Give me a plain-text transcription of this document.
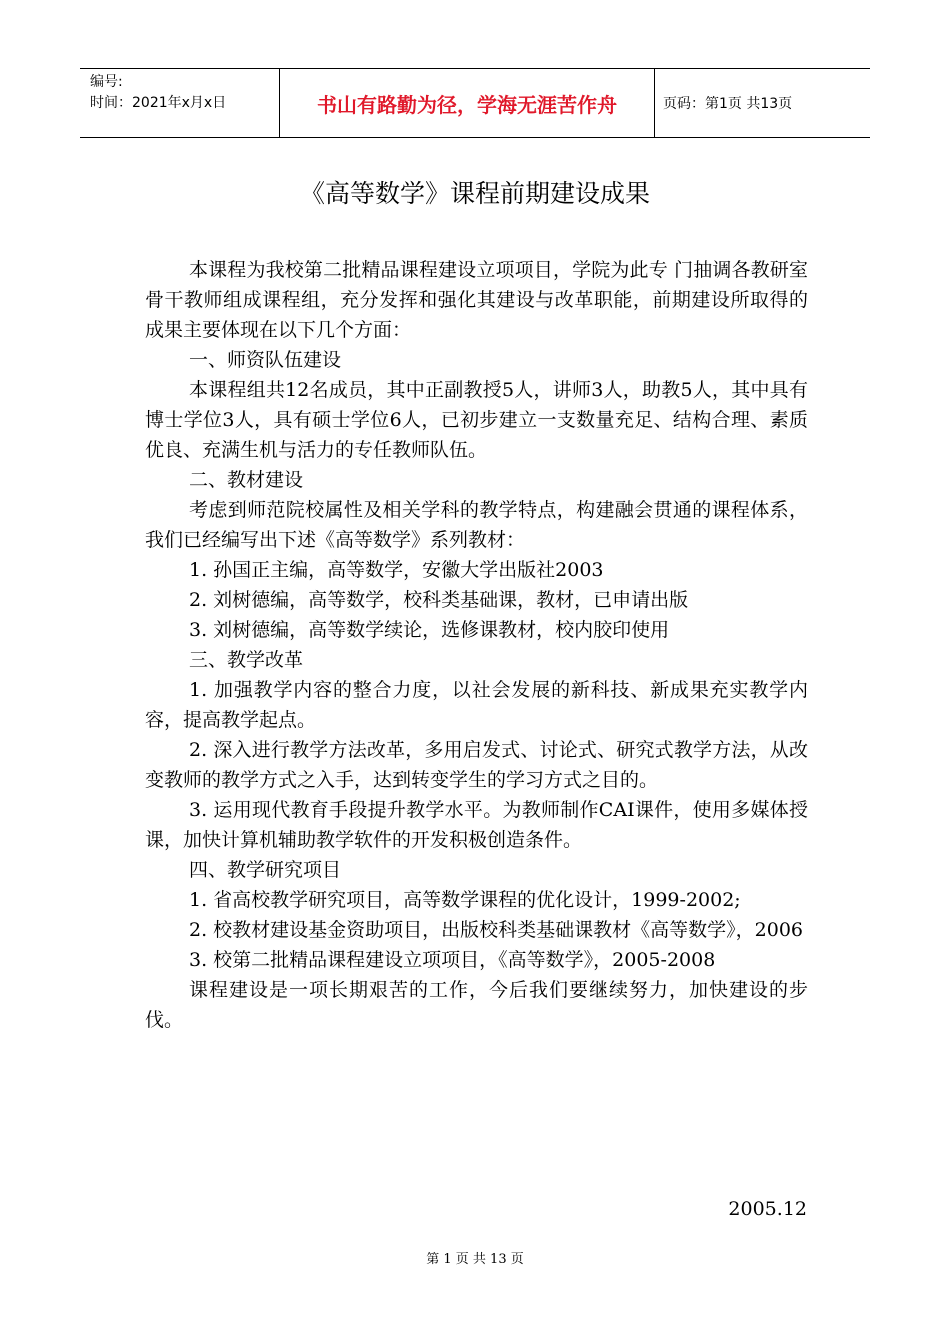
编号:
时间：2021年x月x日	书山有路勤为径，学海无涯苦作舟	页码：第1页 共13页
《高等数学》课程前期建设成果

本课程为我校第二批精品课程建设立项项目，学院为此专 门抽调各教研室骨干教师组成课程组，充分发挥和强化其建设与改革职能，前期建设所取得的成果主要体现在以下几个方面：

一、师资队伍建设

本课程组共12名成员，其中正副教授5人，讲师3人，助教5人，其中具有博士学位3人，具有硕士学位6人，已初步建立一支数量充足、结构合理、素质优良、充满生机与活力的专任教师队伍。

二、教材建设

考虑到师范院校属性及相关学科的教学特点，构建融会贯通的课程体系，我们已经编写出下述《高等数学》系列教材：

1. 孙国正主编，高等数学，安徽大学出版社2003

2. 刘树德编，高等数学，校科类基础课，教材，已申请出版

3. 刘树德编，高等数学续论，选修课教材，校内胶印使用

三、教学改革

1. 加强教学内容的整合力度，以社会发展的新科技、新成果充实教学内容，提高教学起点。

2. 深入进行教学方法改革，多用启发式、讨论式、研究式教学方法，从改变教师的教学方式之入手，达到转变学生的学习方式之目的。

3. 运用现代教育手段提升教学水平。为教师制作CAI课件，使用多媒体授课，加快计算机辅助教学软件的开发积极创造条件。

四、教学研究项目

1. 省高校教学研究项目，高等数学课程的优化设计，1999-2002;

2. 校教材建设基金资助项目，出版校科类基础课教材《高等数学》，2006

3. 校第二批精品课程建设立项项目，《高等数学》，2005-2008

课程建设是一项长期艰苦的工作，今后我们要继续努力，加快建设的步伐。

2005.12
第 1 页 共 13 页
